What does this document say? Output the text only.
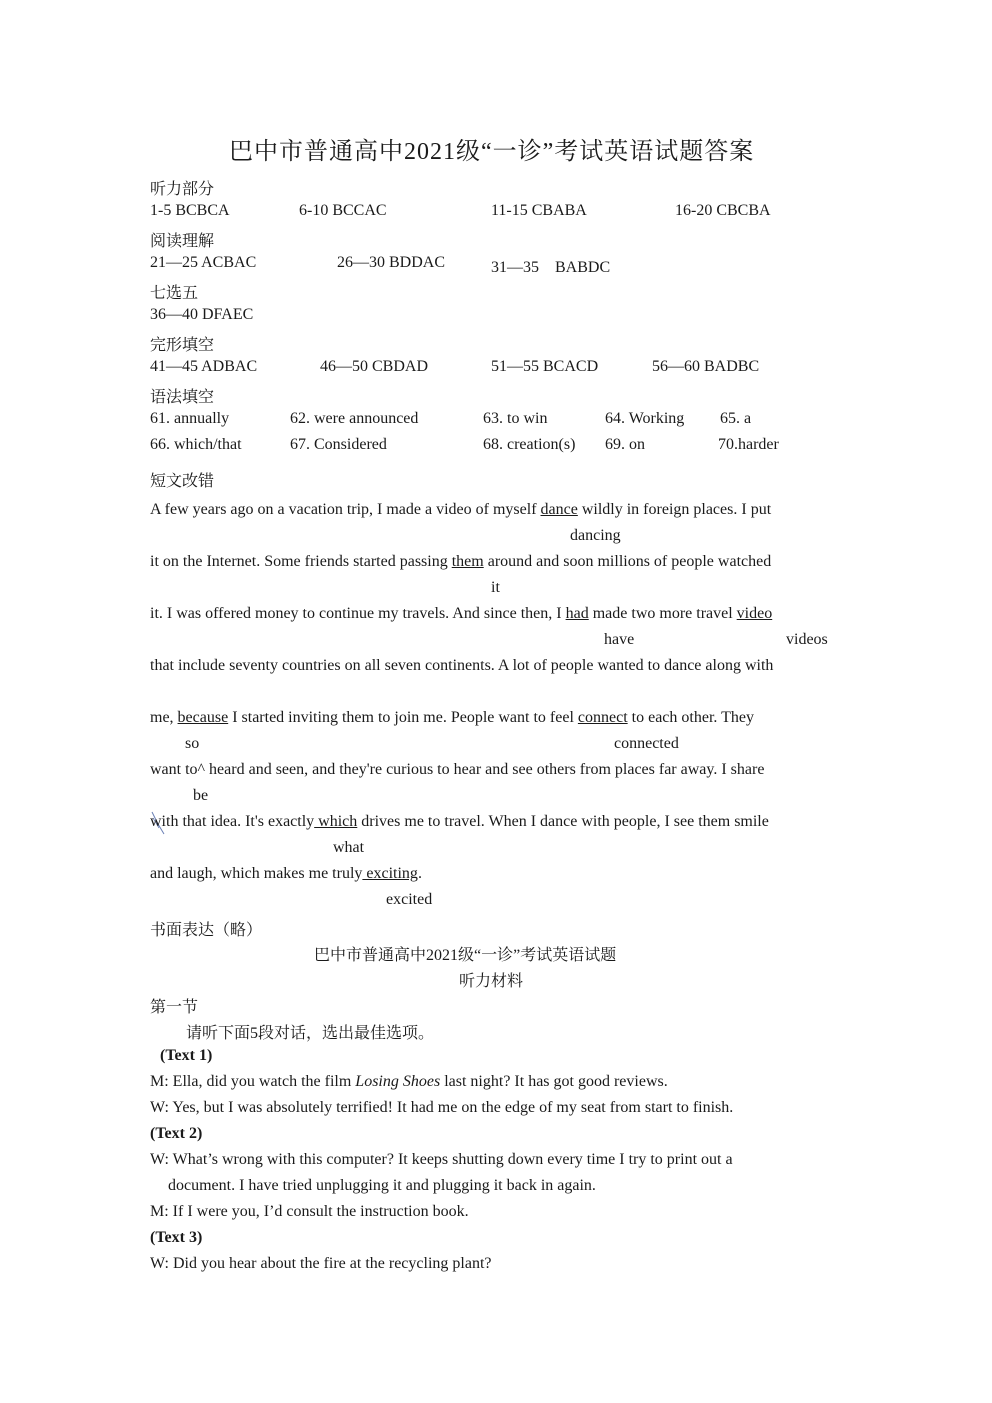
巴中市普通高中2021级“一诊”考试英语试题答案
听力部分
1-5 BCBCA	6-10 BCCAC	11-15 CBABA	16-20 CBCBA
阅读理解
21—25 ACBAC	26—30 BDDAC	31—35　BABDC
七选五
36—40 DFAEC
完形填空
41—45 ADBAC	46—50 CBDAD	51—55 BCACD	56—60 BADBC
语法填空
61. annually	62. were announced	63. to win	64. Working 65. a
66. which/that	67. Considered	68. creation(s) 69. on	70.harder
短文改错
A few years ago on a vacation trip, I made a video of myself dance wildly in foreign places. I put
dancing
it on the Internet. Some friends started passing them around and soon millions of people watched
it
it. I was offered money to continue my travels. And since then, I had made two more travel video
have	videos
that include seventy countries on all seven continents. A lot of people wanted to dance along with
me, because I started inviting them to join me. People want to feel connect to each other. They
so	connected
want to^ heard and seen, and they're curious to hear and see others from places far away. I share
be
with that idea. It's exactly which drives me to travel. When I dance with people, I see them smile
what
and laugh, which makes me truly exciting.
excited
书面表达（略）
巴中市普通高中2021级“一诊”考试英语试题
听力材料
第一节
请听下面5段对话，选出最佳选项。
(Text 1)
M: Ella, did you watch the film Losing Shoes last night? It has got good reviews.
W: Yes, but I was absolutely terrified! It had me on the edge of my seat from start to finish.
(Text 2)
W: What’s wrong with this computer? It keeps shutting down every time I try to print out a
document. I have tried unplugging it and plugging it back in again.
M: If I were you, I’d consult the instruction book.
(Text 3)
W: Did you hear about the fire at the recycling plant?
